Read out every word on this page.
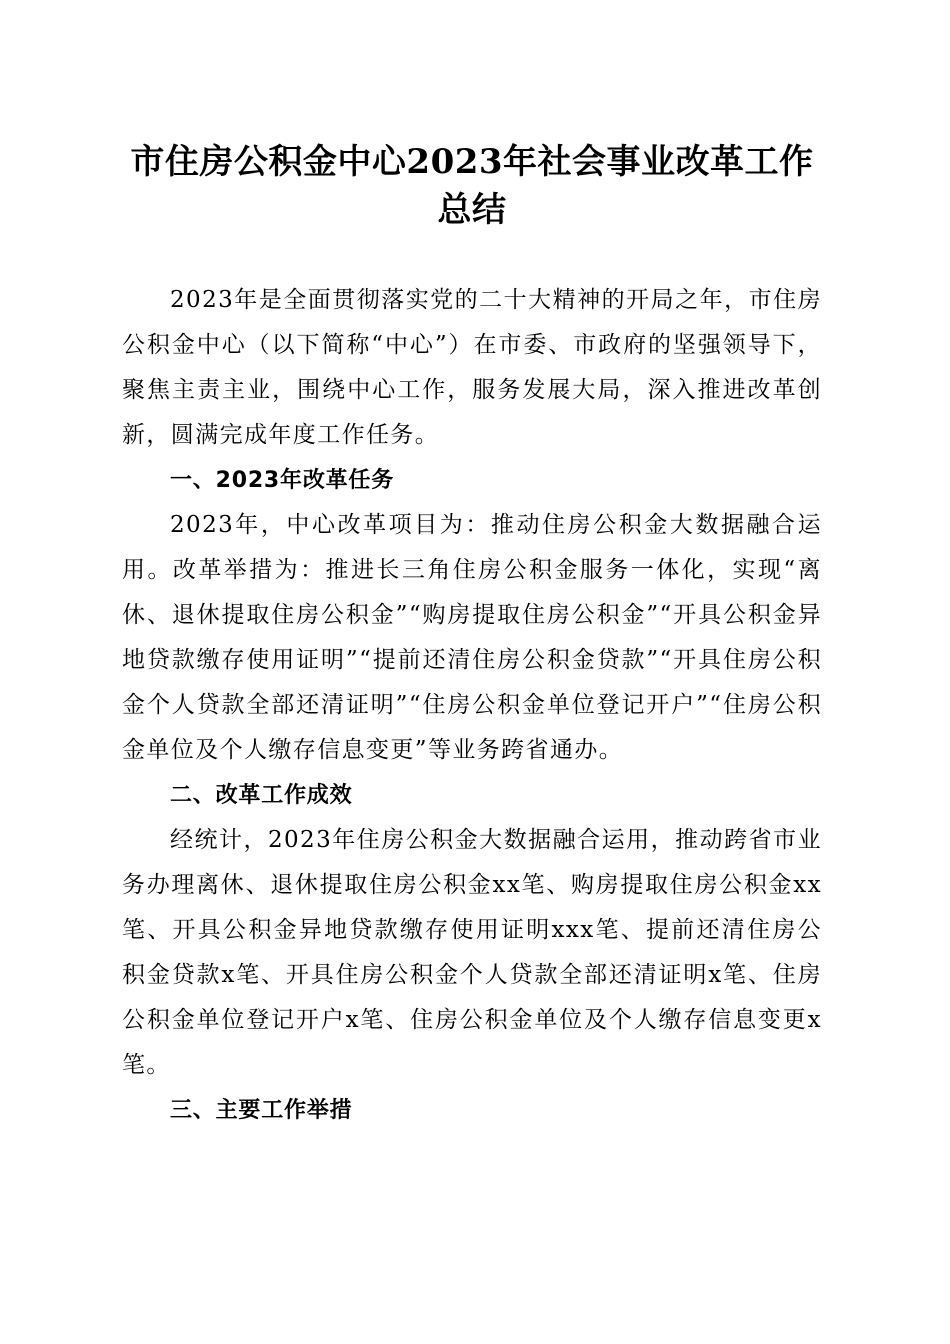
市住房公积金中心2023年社会事业改革工作
总结

2023年是全面贯彻落实党的二十大精神的开局之年，市住房公积金中心（以下简称“中心”）在市委、市政府的坚强领导下，聚焦主责主业，围绕中心工作，服务发展大局，深入推进改革创新，圆满完成年度工作任务。

一、2023年改革任务

2023年，中心改革项目为：推动住房公积金大数据融合运用。改革举措为：推进长三角住房公积金服务一体化，实现“离休、退休提取住房公积金”“购房提取住房公积金”“开具公积金异地贷款缴存使用证明”“提前还清住房公积金贷款”“开具住房公积金个人贷款全部还清证明”“住房公积金单位登记开户”“住房公积金单位及个人缴存信息变更”等业务跨省通办。

二、改革工作成效

经统计，2023年住房公积金大数据融合运用，推动跨省市业务办理离休、退休提取住房公积金xx笔、购房提取住房公积金xx笔、开具公积金异地贷款缴存使用证明xxx笔、提前还清住房公积金贷款x笔、开具住房公积金个人贷款全部还清证明x笔、住房公积金单位登记开户x笔、住房公积金单位及个人缴存信息变更x笔。

三、主要工作举措
